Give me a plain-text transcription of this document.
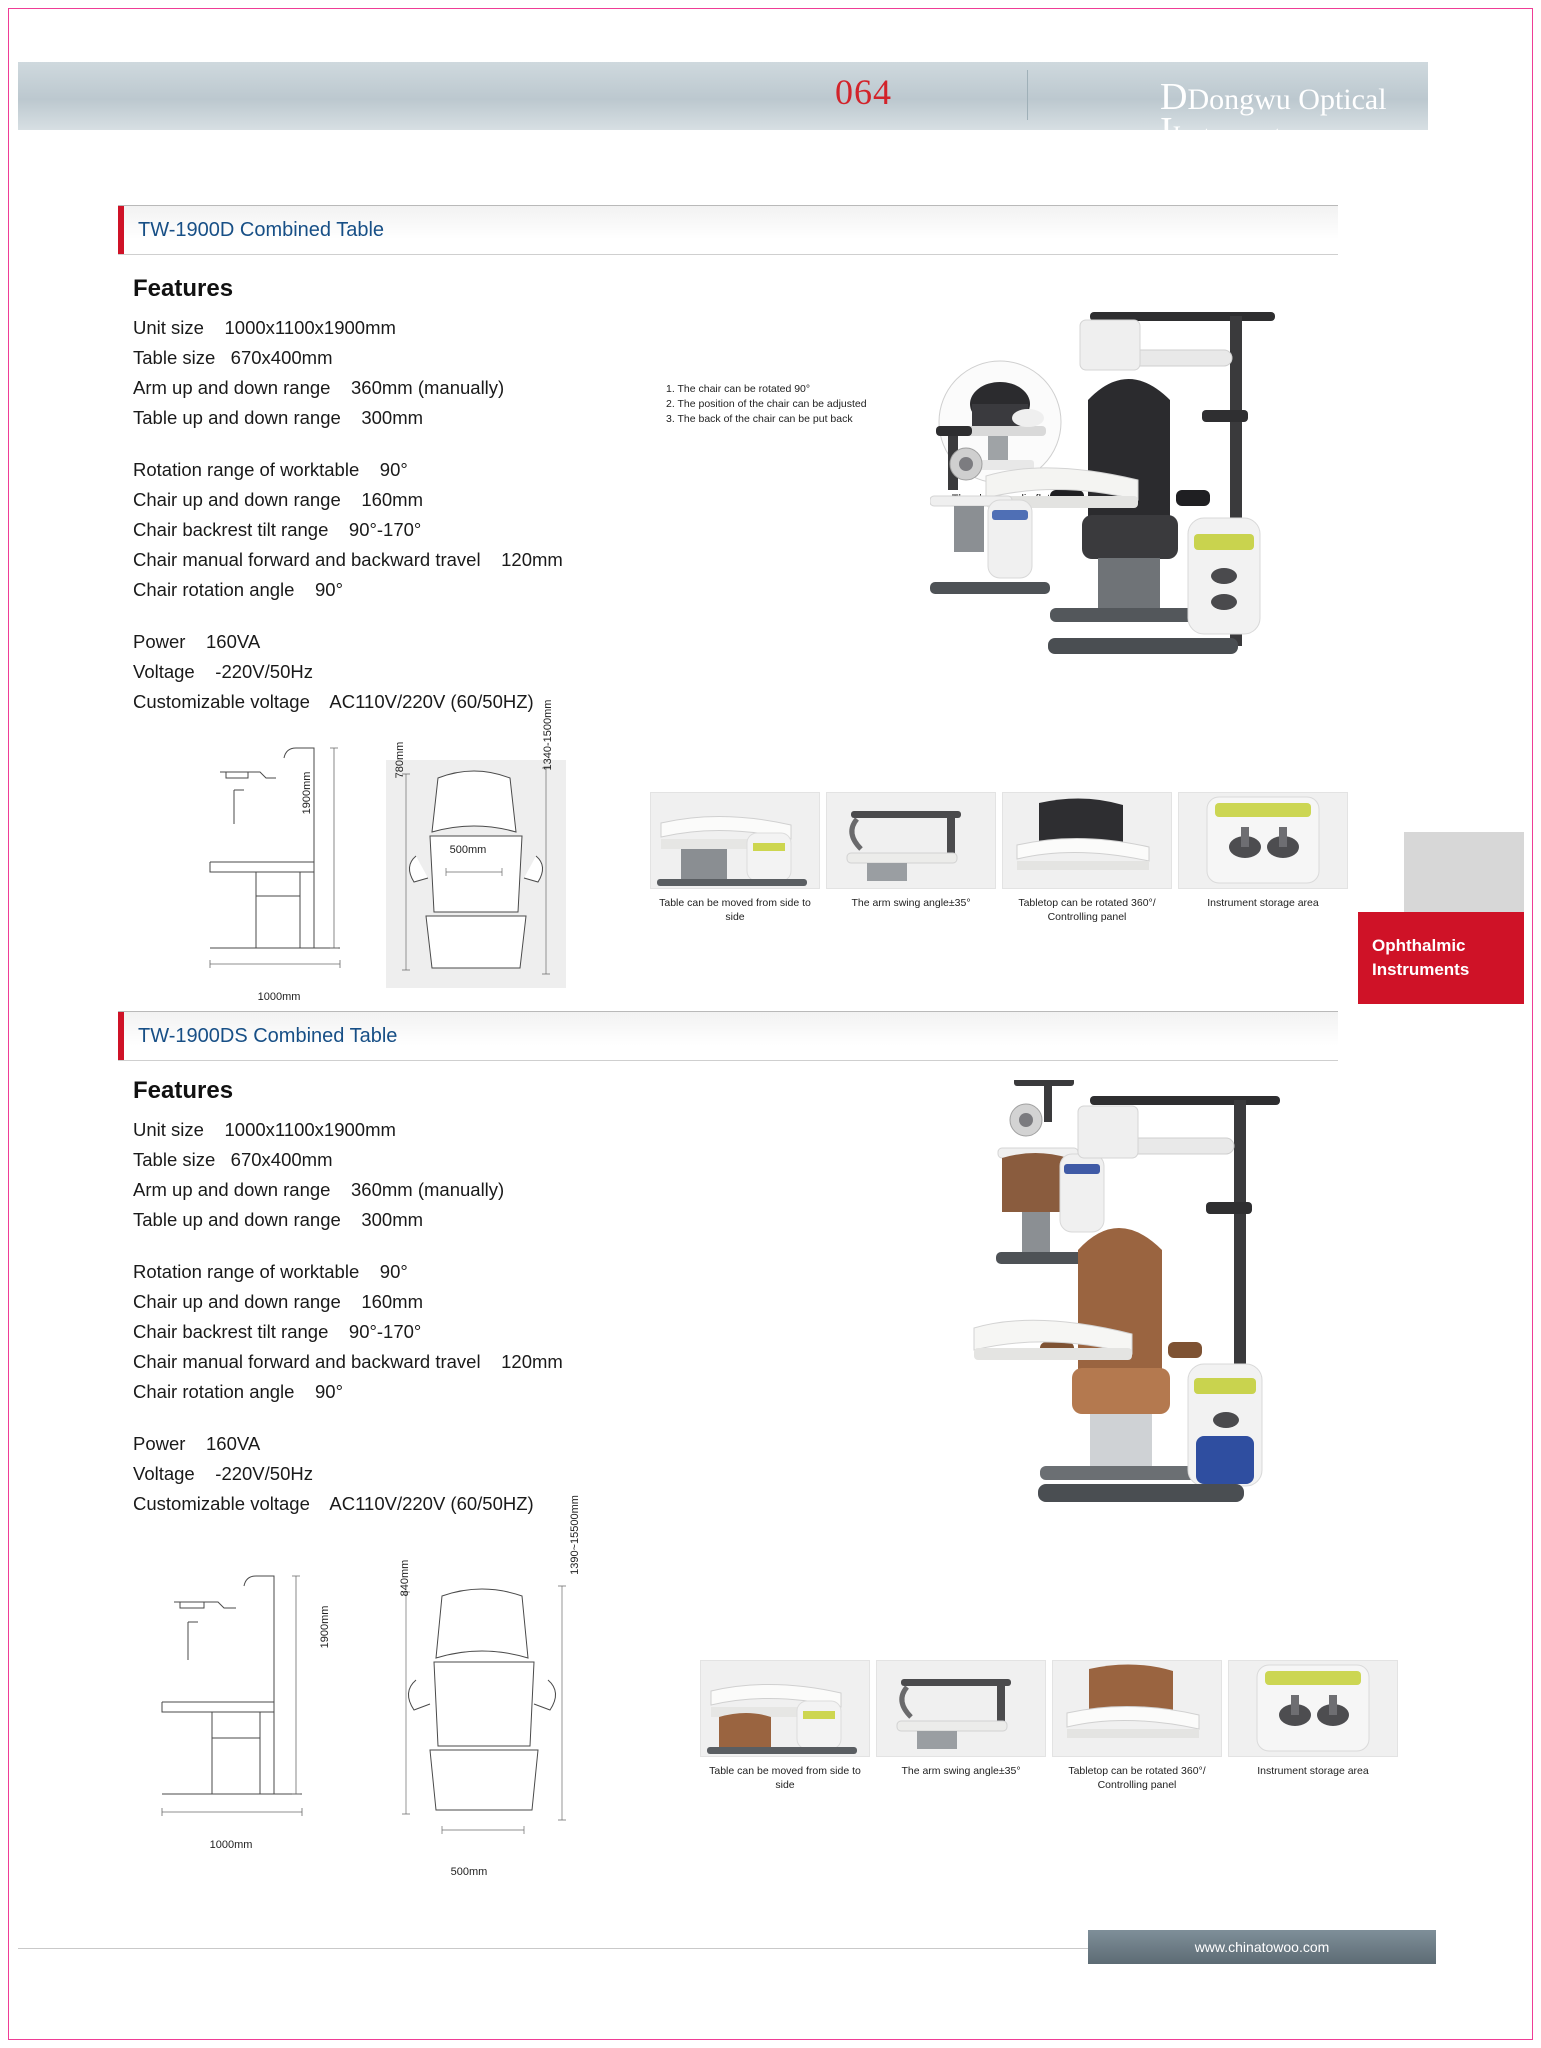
064	DDongwu Optical
IInstrument
Ophthalmic
Instruments
TW-1900D Combined Table
Features
Unit size    1000x1100x1900mm
Table size   670x400mm
Arm up and down range    360mm (manually)
Table up and down range    300mm
Rotation range of worktable    90°
Chair up and down range    160mm
Chair backrest tilt range    90°-170°
Chair manual forward and backward travel    120mm
Chair rotation angle    90°
Power    160VA
Voltage    -220V/50Hz
Customizable voltage    AC110V/220V (60/50HZ)
1. The chair can be rotated 90°
2. The position of the chair can be adjusted
3. The back of the chair can be put back
1000mm
1900mm
780mm
500mm
1340-1500mm
Table can be moved from side to side
The arm swing angle±35°	Tabletop can be rotated 360°/ Controlling panel
Instrument storage area
TW-1900DS Combined Table
Features
Unit size    1000x1100x1900mm
Table size   670x400mm
Arm up and down range    360mm (manually)
Table up and down range    300mm
Rotation range of worktable    90°
Chair up and down range    160mm
Chair backrest tilt range    90°-170°
Chair manual forward and backward travel    120mm
Chair rotation angle    90°
Power    160VA
Voltage    -220V/50Hz
Customizable voltage    AC110V/220V (60/50HZ)
1000mm
1900mm
840mm
500mm
1390~15500mm
Table can be moved from side to side
The arm swing angle±35°	Tabletop can be rotated 360°/ Controlling panel
Instrument storage area
www.chinatowoo.com
